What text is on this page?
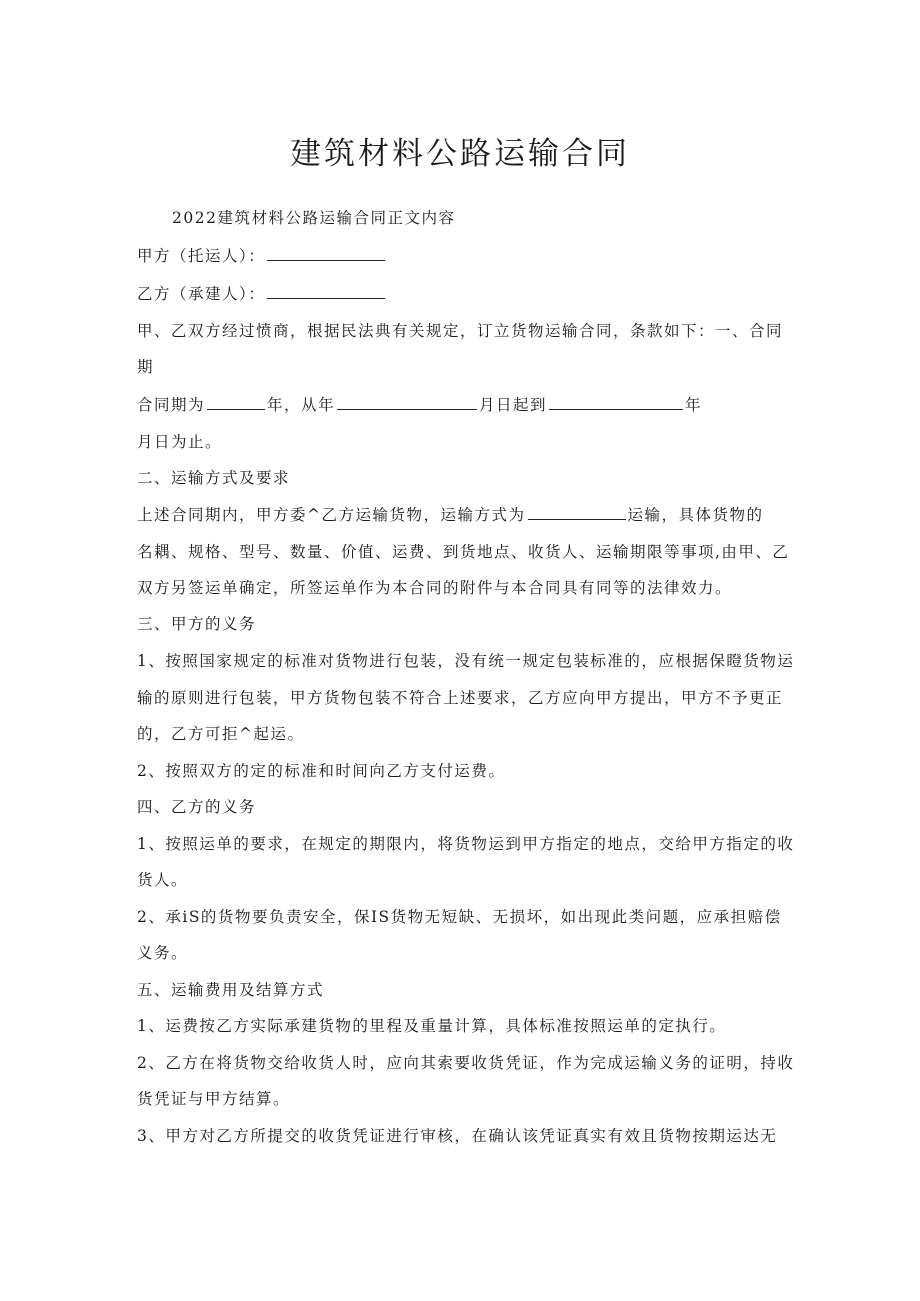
建筑材料公路运输合同
2022建筑材料公路运输合同正文内容
甲方（托运人）：
乙方（承建人）：
甲、乙双方经过愤商，根据民法典有关规定，订立货物运输合同，条款如下：一、合同
期
合同期为	年，从年	月日起到	年
月日为止。
二、运输方式及要求
上述合同期内，甲方委^乙方运输货物，运输方式为	运输，具体货物的
名耦、规格、型号、数量、价值、运费、到货地点、收货人、运输期限等事项,由甲、乙
双方另签运单确定，所签运单作为本合同的附件与本合同具有同等的法律效力。
三、甲方的义务
1、按照国家规定的标准对货物进行包装，没有统一规定包装标准的，应根据保瞪货物运
输的原则进行包装，甲方货物包装不符合上述要求，乙方应向甲方提出，甲方不予更正
的，乙方可拒^起运。
2、按照双方的定的标准和时间向乙方支付运费。
四、乙方的义务
1、按照运单的要求，在规定的期限内，将货物运到甲方指定的地点，交给甲方指定的收
货人。
2、承iS的货物要负责安全，保IS货物无短缺、无损坏，如出现此类问题，应承担赔偿
义务。
五、运输费用及结算方式
1、运费按乙方实际承建货物的里程及重量计算，具体标准按照运单的定执行。
2、乙方在将货物交给收货人时，应向其索要收货凭证，作为完成运输义务的证明，持收
货凭证与甲方结算。
3、甲方对乙方所提交的收货凭证进行审核，在确认该凭证真实有效且货物按期运达无
